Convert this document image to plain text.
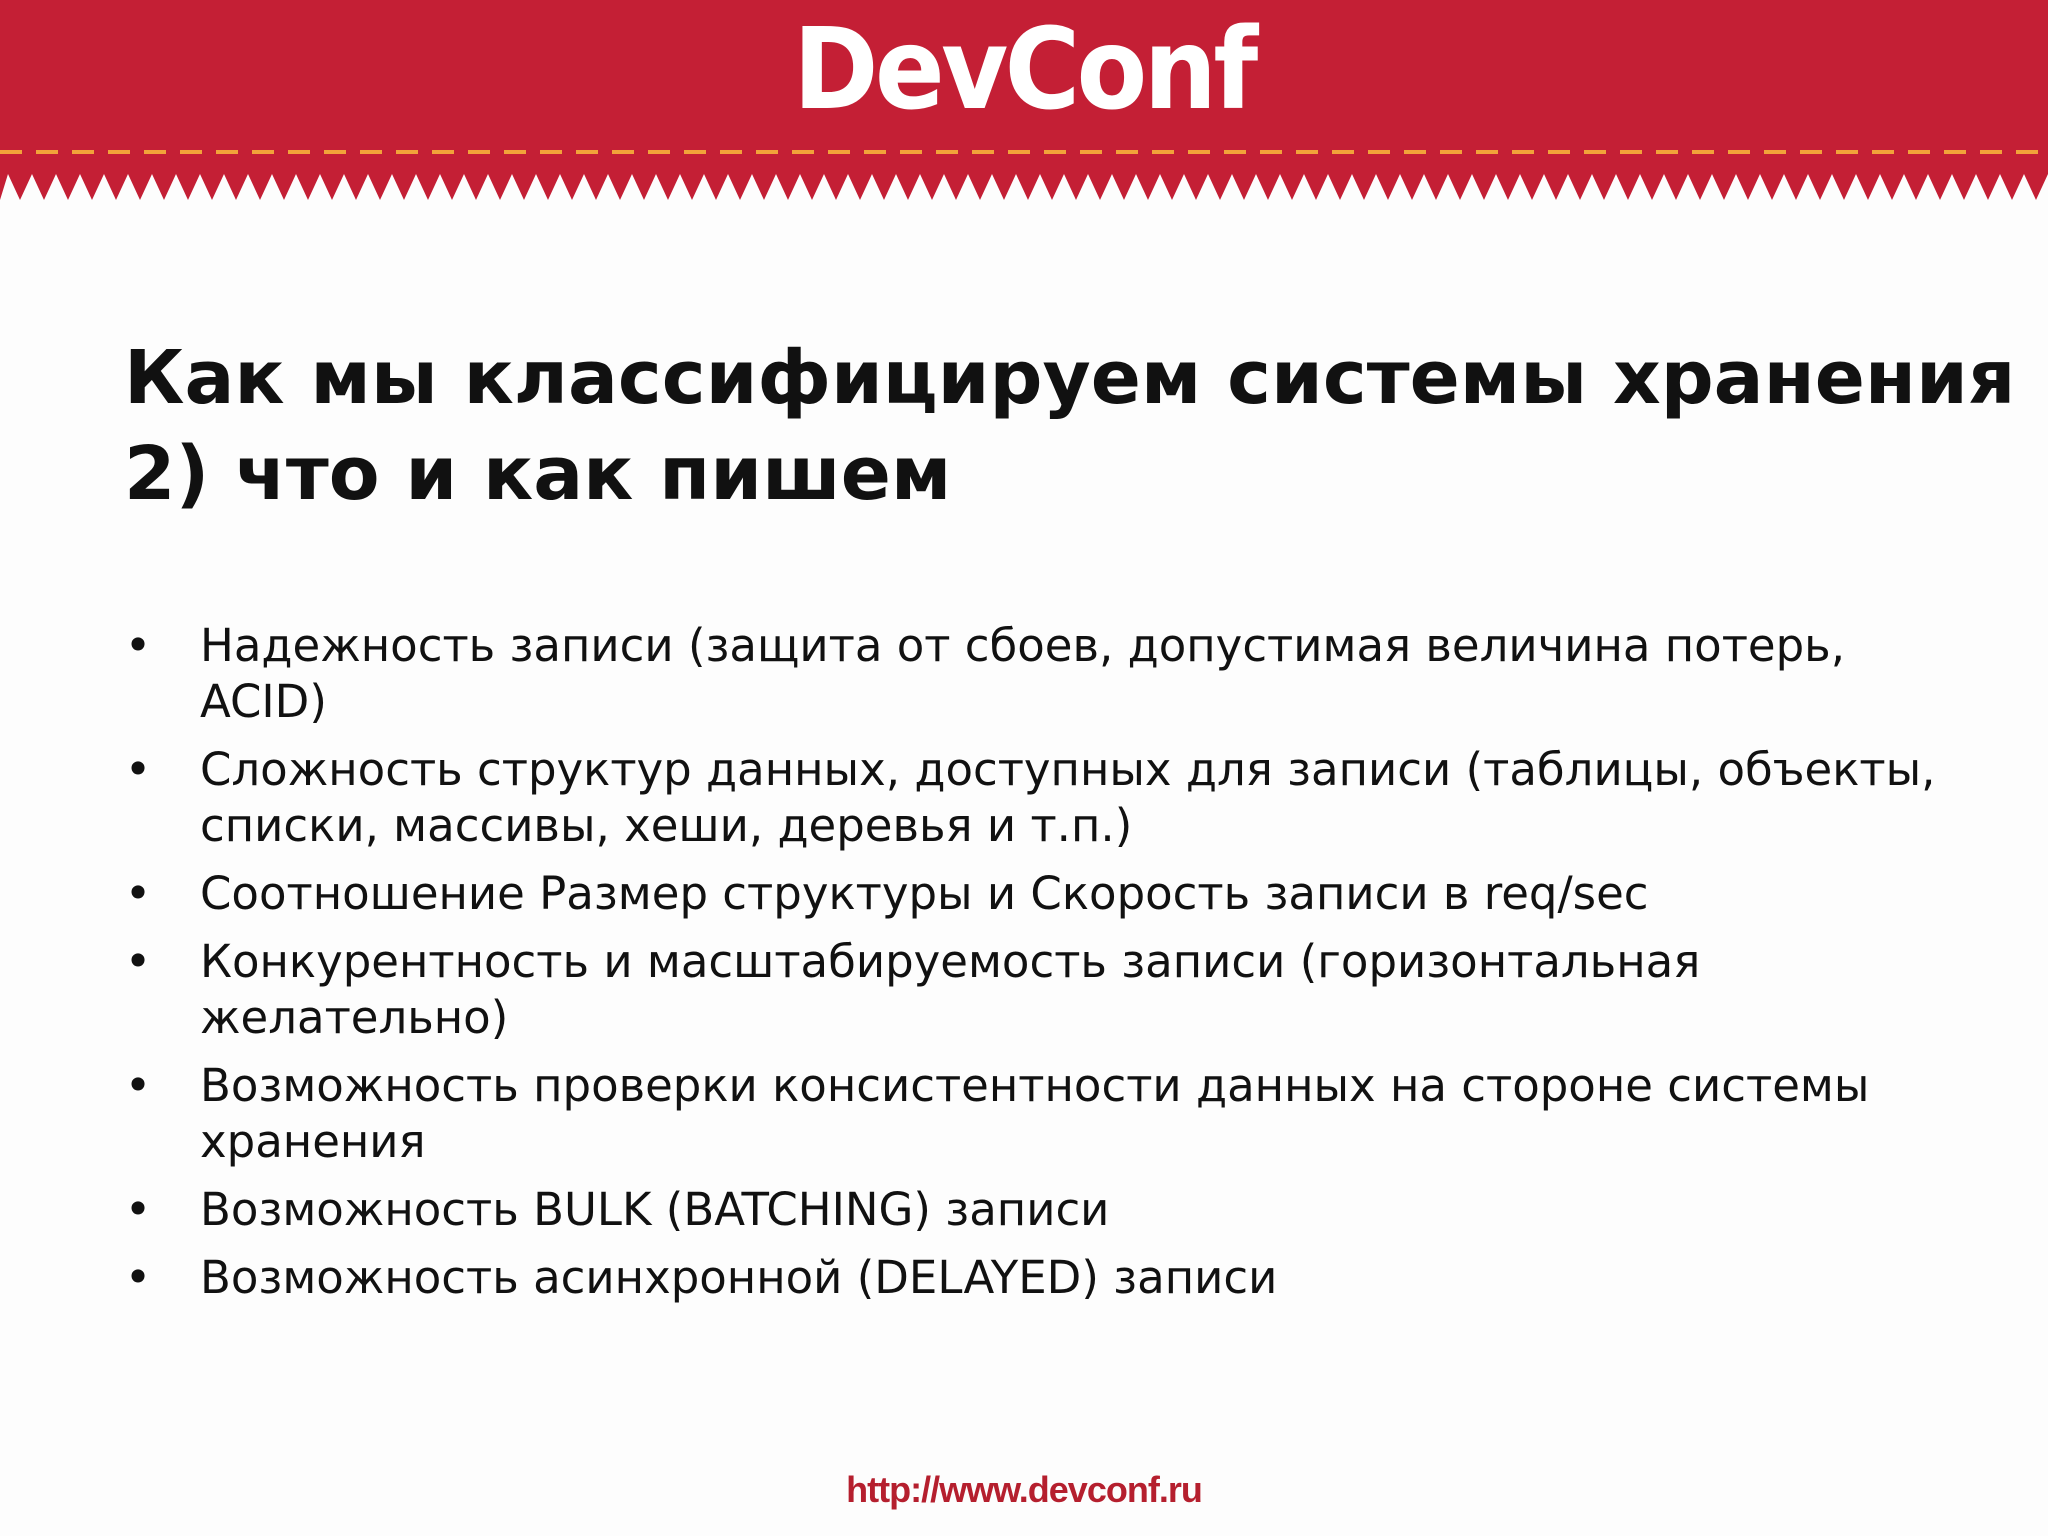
DevConf
Как мы классифицируем системы хранения
2) что и как пишем
• Надежность записи (защита от сбоев, допустимая величина потерь, ACID)
• Сложность структур данных, доступных для записи (таблицы, объекты, списки, массивы, хеши, деревья и т.п.)
• Соотношение Размер структуры и Скорость записи в req/sec
• Конкурентность и масштабируемость записи (горизонтальная желательно)
• Возможность проверки консистентности данных на стороне системы хранения
• Возможность BULK (BATCHING) записи
• Возможность асинхронной (DELAYED) записи
http://www.devconf.ru
